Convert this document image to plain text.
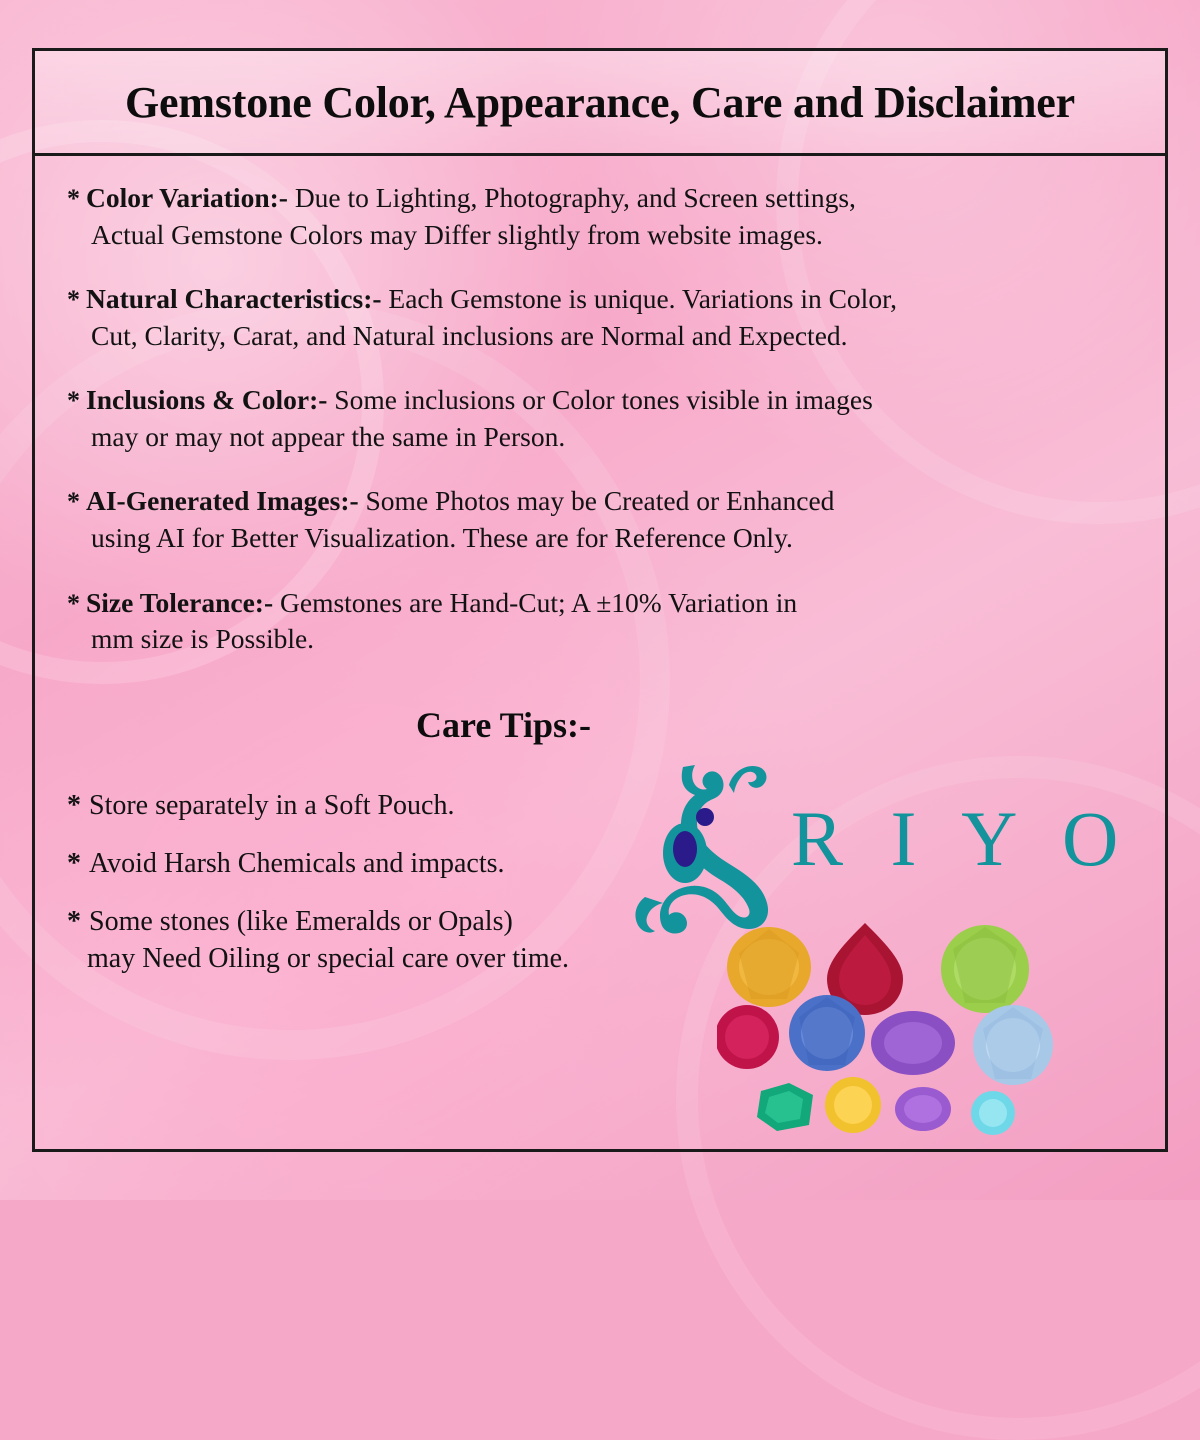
Gemstone Color, Appearance, Care and Disclaimer
* Color Variation:- Due to Lighting, Photography, and Screen settings,
Actual Gemstone Colors may Differ slightly from website images.
* Natural Characteristics:- Each Gemstone is unique. Variations in Color,
Cut, Clarity, Carat, and Natural inclusions are Normal and Expected.
* Inclusions & Color:- Some inclusions or Color tones visible in images
may or may not appear the same in Person.
* AI-Generated Images:- Some Photos may be Created or Enhanced
using AI for Better Visualization. These are for Reference Only.
* Size Tolerance:- Gemstones are Hand-Cut; A ±10% Variation in
mm size is Possible.
Care Tips:-
* Store separately in a Soft Pouch.
* Avoid Harsh Chemicals and impacts.
* Some stones (like Emeralds or Opals)
may Need Oiling or special care over time.
R I Y O
